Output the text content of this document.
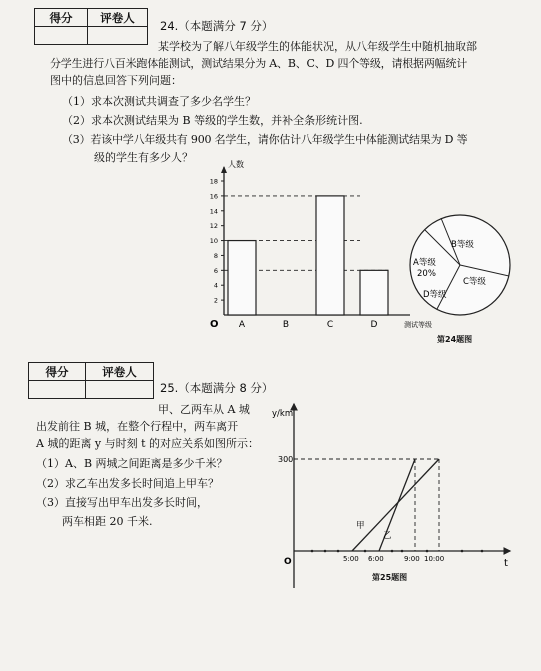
得分	评卷人

24.（本题满分 7 分）
某学校为了解八年级学生的体能状况，从八年级学生中随机抽取部
分学生进行八百米跑体能测试，测试结果分为 A、B、C、D 四个等级，请根据两幅统计
图中的信息回答下列问题：
（1）求本次测试共调查了多少名学生？
（2）求本次测试结果为 B 等级的学生数，并补全条形统计图.
（3）若该中学八年级共有 900 名学生，请你估计八年级学生中体能测试结果为 D 等
级的学生有多少人？
2
4
6
8
10
12
14
16
18
A	B	C	D
人数
测试等级
O
B等级
A等级
20%
C等级
D等级
第24题图
得分	评卷人

25.（本题满分 8 分）
甲、乙两车从 A 城
出发前往 B 城，在整个行程中，两车离开
A 城的距离 y 与时刻 t 的对应关系如图所示：
（1）A、B 两城之间距离是多少千米？
（2）求乙车出发多长时间追上甲车？
（3）直接写出甲车出发多长时间，
两车相距 20 千米.
y/km
t
O
300
甲
乙
5:00 6:00	9:00 10:00
第25题图
